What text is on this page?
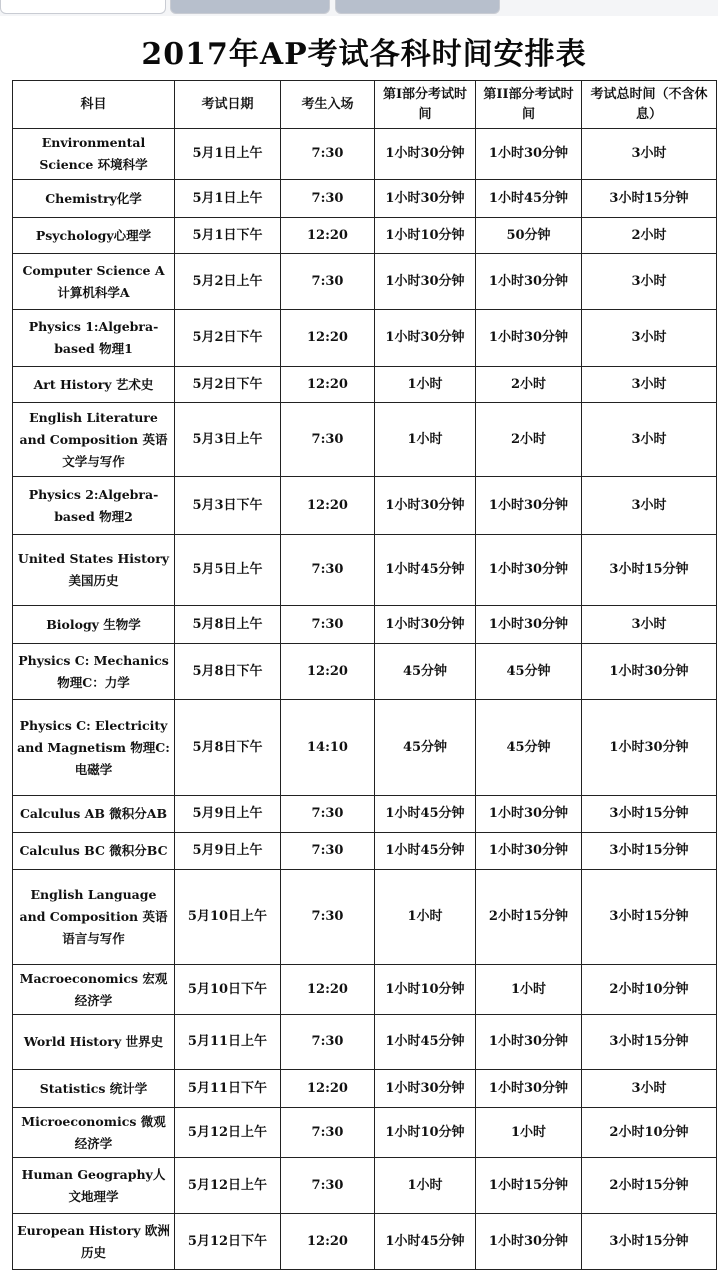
2017年AP考试各科时间安排表
科目	考试日期	考生入场	第I部分考试时间	第II部分考试时间	考试总时间（不含休息）
Environmental Science 环境科学	5月1日上午	7:30	1小时30分钟	1小时30分钟	3小时
Chemistry化学	5月1日上午	7:30	1小时30分钟	1小时45分钟	3小时15分钟
Psychology心理学	5月1日下午	12:20	1小时10分钟	50分钟	2小时
Computer Science A 计算机科学A	5月2日上午	7:30	1小时30分钟	1小时30分钟	3小时
Physics 1:Algebra-based 物理1	5月2日下午	12:20	1小时30分钟	1小时30分钟	3小时
Art History 艺术史	5月2日下午	12:20	1小时	2小时	3小时
English Literature and Composition 英语文学与写作	5月3日上午	7:30	1小时	2小时	3小时
Physics 2:Algebra-based 物理2	5月3日下午	12:20	1小时30分钟	1小时30分钟	3小时
United States History 美国历史	5月5日上午	7:30	1小时45分钟	1小时30分钟	3小时15分钟
Biology 生物学	5月8日上午	7:30	1小时30分钟	1小时30分钟	3小时
Physics C: Mechanics 物理C：力学	5月8日下午	12:20	45分钟	45分钟	1小时30分钟
Physics C: Electricity and Magnetism 物理C:电磁学	5月8日下午	14:10	45分钟	45分钟	1小时30分钟
Calculus AB 微积分AB	5月9日上午	7:30	1小时45分钟	1小时30分钟	3小时15分钟
Calculus BC 微积分BC	5月9日上午	7:30	1小时45分钟	1小时30分钟	3小时15分钟
English Language and Composition 英语语言与写作	5月10日上午	7:30	1小时	2小时15分钟	3小时15分钟
Macroeconomics 宏观经济学	5月10日下午	12:20	1小时10分钟	1小时	2小时10分钟
World History 世界史	5月11日上午	7:30	1小时45分钟	1小时30分钟	3小时15分钟
Statistics 统计学	5月11日下午	12:20	1小时30分钟	1小时30分钟	3小时
Microeconomics 微观经济学	5月12日上午	7:30	1小时10分钟	1小时	2小时10分钟
Human Geography人文地理学	5月12日上午	7:30	1小时	1小时15分钟	2小时15分钟
European History 欧洲历史	5月12日下午	12:20	1小时45分钟	1小时30分钟	3小时15分钟
